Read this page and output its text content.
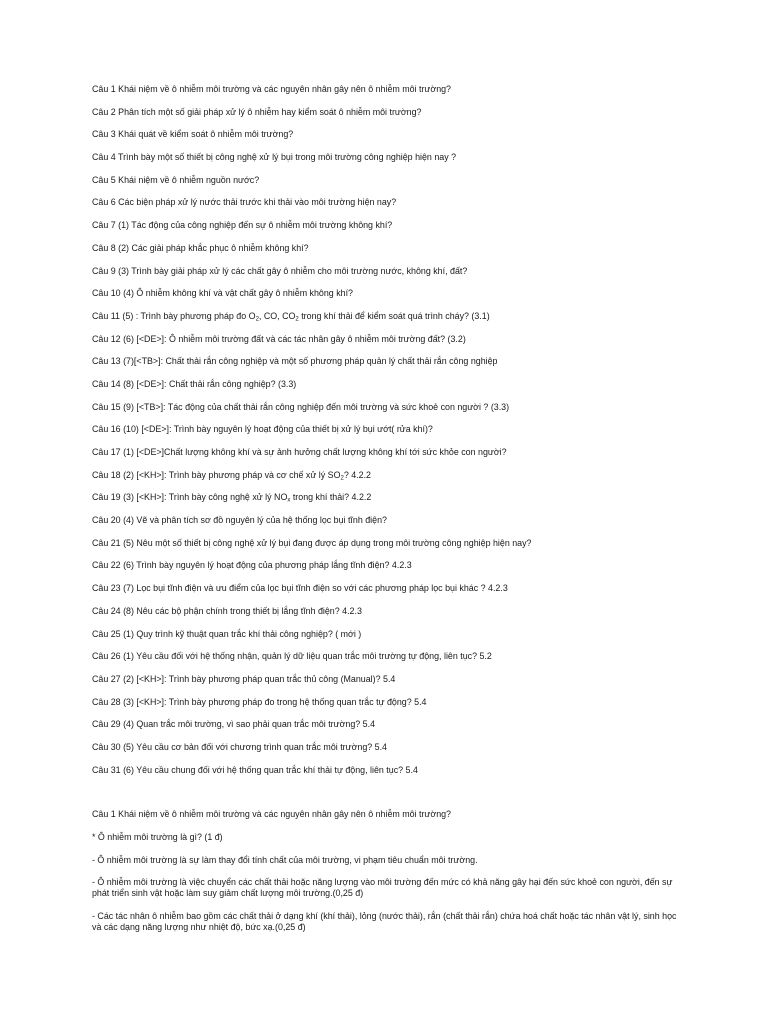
Câu 1 Khái niệm về ô nhiễm môi trường và các nguyên nhân gây nên ô nhiễm môi trường?

Câu 2 Phân tích một số giải pháp xử lý ô nhiễm hay kiểm soát ô nhiễm môi trường?

Câu 3 Khái quát về kiểm soát ô nhiễm môi trường?

Câu 4 Trình bày một số thiết bị công nghệ xử lý bụi trong môi trường công nghiệp hiện nay ?

Câu 5 Khái niệm về ô nhiễm nguồn nước?

Câu 6 Các biện pháp xử lý nước thải trước khi thải vào môi trường hiện nay?

Câu 7 (1) Tác động của công nghiệp đến sự ô nhiễm môi trường không khí?

Câu 8 (2) Các giải pháp khắc phục ô nhiễm không khí?

Câu 9 (3) Trình bày giải pháp xử lý các chất gây ô nhiễm cho môi trường nước, không khí, đất?

Câu 10 (4) Ô nhiễm không khí và vật chất gây ô nhiễm không khí?

Câu 11 (5) : Trình bày phương pháp đo $O_2$, CO, $CO_2$ trong khí thải để kiểm soát quá trình cháy? (3.1)

Câu 12 (6) [<DE>]: Ô nhiễm môi trường đất và các tác nhân gây ô nhiễm môi trường đất? (3.2)

Câu 13 (7)[<TB>]: Chất thải rắn công nghiệp và một số phương pháp quản lý chất thải rắn công nghiệp

Câu 14 (8) [<DE>]: Chất thải rắn công nghiệp? (3.3)

Câu 15 (9) [<TB>]: Tác động của chất thải rắn công nghiệp đến môi trường và sức khoẻ con người ? (3.3)

Câu 16 (10) [<DE>]: Trình bày nguyên lý hoạt động của thiết bị xử lý bụi ướt( rửa khí)?

Câu 17 (1) [<DE>]Chất lượng không khí và sự ảnh hưởng chất lượng không khí tới sức khỏe con người?

Câu 18 (2) [<KH>]: Trình bày phương pháp và cơ chế xử lý $SO_2$? 4.2.2

Câu 19 (3) [<KH>]: Trình bày công nghệ xử lý $NO_x$ trong khí thải? 4.2.2

Câu 20 (4) Vẽ và phân tích sơ đồ nguyên lý của hệ thống lọc bụi tĩnh điện?

Câu 21 (5) Nêu một số thiết bị công nghệ xử lý bụi đang được áp dụng trong môi trường công nghiệp hiện nay?

Câu 22 (6) Trình bày nguyên lý hoạt động của phương pháp lắng tĩnh điện? 4.2.3

Câu 23 (7) Lọc bụi tĩnh điện và ưu điểm của lọc bụi tĩnh điện so với các phương pháp lọc bụi khác ? 4.2.3

Câu 24 (8) Nêu các bộ phận chính trong thiết bị lắng tĩnh điện? 4.2.3

Câu 25 (1) Quy trình kỹ thuật quan trắc khí thải công nghiệp? ( mới )

Câu 26 (1) Yêu cầu đối với hệ thống nhận, quản lý dữ liệu quan trắc môi trường tự động, liên tục? 5.2

Câu 27 (2) [<KH>]: Trình bày phương pháp quan trắc thủ công (Manual)? 5.4

Câu 28 (3) [<KH>]: Trình bày phương pháp đo trong hệ thống quan trắc tự động? 5.4

Câu 29 (4) Quan trắc môi trường, vì sao phải quan trắc môi trường? 5.4

Câu 30 (5) Yêu cầu cơ bản đối với chương trình quan trắc môi trường? 5.4

Câu 31 (6) Yêu cầu chung đối với hệ thống quan trắc khí thải tự động, liên tục? 5.4

Câu 1 Khái niệm về ô nhiễm môi trường và các nguyên nhân gây nên ô nhiễm môi trường?

* Ô nhiễm môi trường là gì? (1 đ)

- Ô nhiễm môi trường là sự làm thay đổi tính chất của môi trường, vi phạm tiêu chuẩn môi trường.

- Ô nhiễm môi trường là việc chuyển các chất thải hoặc năng lượng vào môi trường đến mức có khả năng gây hại đến sức khoẻ con người, đến sự phát triển sinh vật hoặc làm suy giảm chất lượng môi trường.(0,25 đ)

- Các tác nhân ô nhiễm bao gồm các chất thải ở dạng khí (khí thải), lỏng (nước thải), rắn (chất thải rắn) chứa hoá chất hoặc tác nhân vật lý, sinh học và các dạng năng lượng như nhiệt độ, bức xạ.(0,25 đ)
